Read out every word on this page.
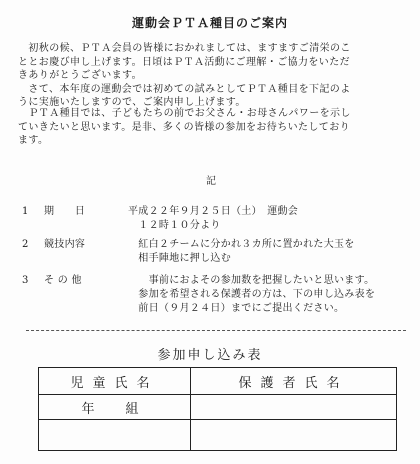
運動会ＰＴＡ種目のご案内
　初秋の候、ＰＴＡ会員の皆様におかれましては、ますますご清栄のこ
ととお慶び申し上げます。日頃はＰＴＡ活動にご理解・ご協力をいただ
きありがとうございます。
　さて、本年度の運動会では初めての試みとしてＰＴＡ種目を下記のよ
うに実施いたしますので、ご案内申し上げます。
　ＰＴＡ種目では、子どもたちの前でお父さん・お母さんパワーを示し
ていきたいと思います。是非、多くの皆様の参加をお待ちいたしており
ます。
記
1 期　　日	平成２２年９月２５日（土）　運動会
　１２時１０分より
2 競技内容	　紅白２チームに分かれ３カ所に置かれた大玉を
　相手陣地に押し込む
3 そ の 他	　　事前におよその参加数を把握したいと思います。
　参加を希望される保護者の方は、下の申し込み表を
　前日（９月２４日）までにご提出ください。
参加申し込み表
児童氏名	保護者氏名
年　組	
